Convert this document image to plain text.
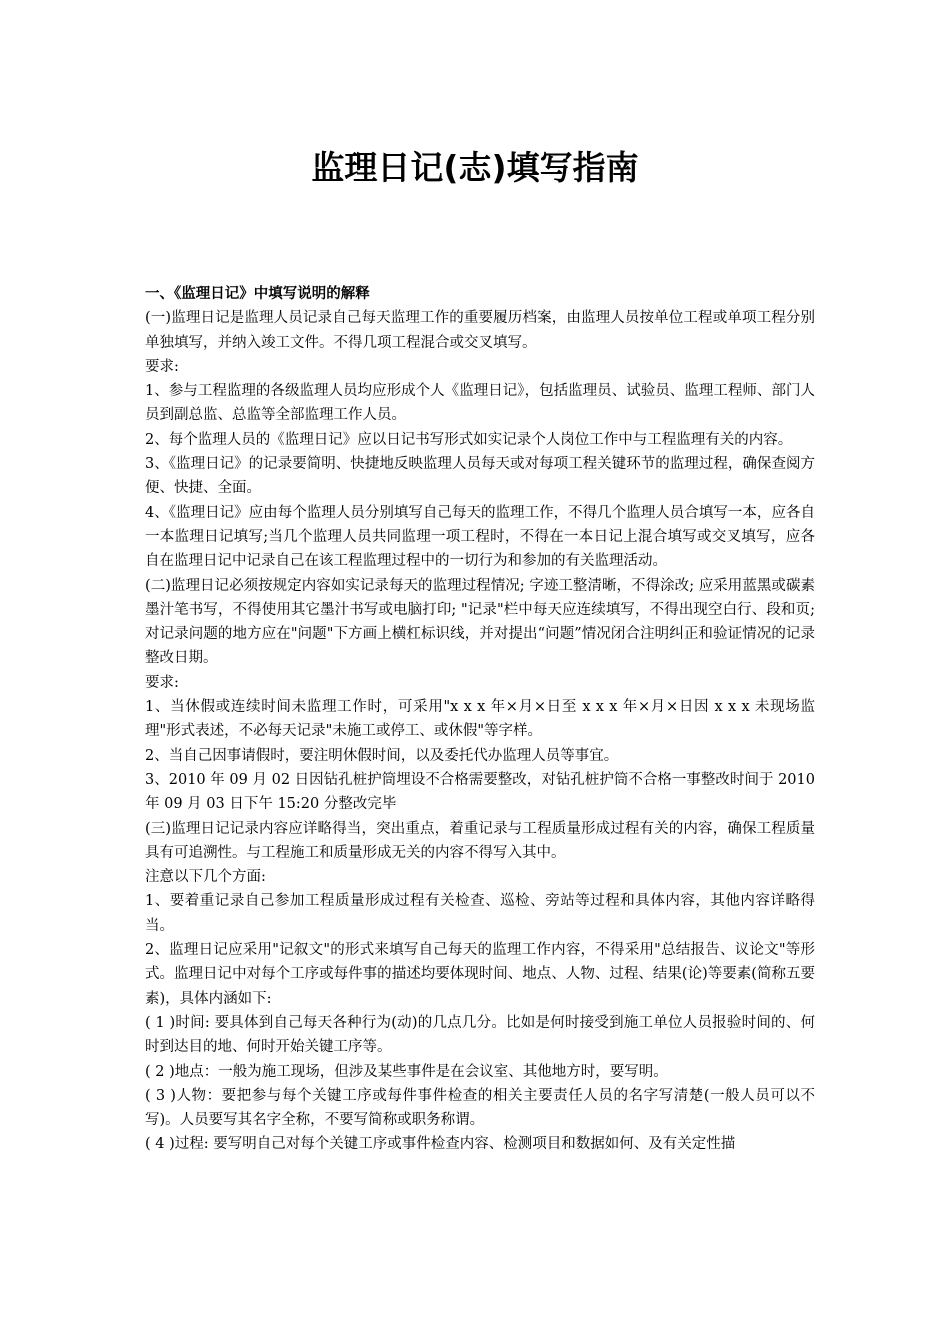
监理日记(志)填写指南
一、《监理日记》中填写说明的解释

(一)监理日记是监理人员记录自己每天监理工作的重要履历档案，由监理人员按单位工程或单项工程分别单独填写，并纳入竣工文件。不得几项工程混合或交叉填写。

要求:

1、参与工程监理的各级监理人员均应形成个人《监理日记》，包括监理员、试验员、监理工程师、部门人员到副总监、总监等全部监理工作人员。

2、每个监理人员的《监理日记》应以日记书写形式如实记录个人岗位工作中与工程监理有关的内容。

3、《监理日记》的记录要简明、快捷地反映监理人员每天或对每项工程关键环节的监理过程，确保查阅方便、快捷、全面。

4、《监理日记》应由每个监理人员分别填写自己每天的监理工作，不得几个监理人员合填写一本，应各自一本监理日记填写;当几个监理人员共同监理一项工程时，不得在一本日记上混合填写或交叉填写，应各自在监理日记中记录自己在该工程监理过程中的一切行为和参加的有关监理活动。

(二)监理日记必须按规定内容如实记录每天的监理过程情况; 字迹工整清晰，不得涂改; 应采用蓝黑或碳素墨汁笔书写，不得使用其它墨汁书写或电脑打印; "记录"栏中每天应连续填写，不得出现空白行、段和页; 对记录问题的地方应在"问题"下方画上横杠标识线，并对提出“问题”情况闭合注明纠正和验证情况的记录整改日期。

要求:

1、当休假或连续时间未监理工作时，可采用"x x x 年×月×日至 x x x 年×月×日因 x x x 未现场监理"形式表述，不必每天记录"未施工或停工、或休假"等字样。

2、当自己因事请假时，要注明休假时间，以及委托代办监理人员等事宜。

3、2010 年 09 月 02 日因钻孔桩护筒埋设不合格需要整改，对钻孔桩护筒不合格一事整改时间于 2010 年 09 月 03 日下午 15:20 分整改完毕

(三)监理日记记录内容应详略得当，突出重点，着重记录与工程质量形成过程有关的内容，确保工程质量具有可追溯性。与工程施工和质量形成无关的内容不得写入其中。

注意以下几个方面:

1、要着重记录自己参加工程质量形成过程有关检查、巡检、旁站等过程和具体内容，其他内容详略得当。

2、监理日记应采用"记叙文"的形式来填写自己每天的监理工作内容，不得采用"总结报告、议论文"等形式。监理日记中对每个工序或每件事的描述均要体现时间、地点、人物、过程、结果(论)等要素(简称五要素)，具体内涵如下:

( 1 )时间: 要具体到自己每天各种行为(动)的几点几分。比如是何时接受到施工单位人员报验时间的、何时到达目的地、何时开始关键工序等。

( 2 )地点：一般为施工现场，但涉及某些事件是在会议室、其他地方时，要写明。

( 3 )人物：要把参与每个关键工序或每件事件检查的相关主要责任人员的名字写清楚(一般人员可以不写)。人员要写其名字全称，不要写简称或职务称谓。

( 4 )过程: 要写明自己对每个关键工序或事件检查内容、检测项目和数据如何、及有关定性描
